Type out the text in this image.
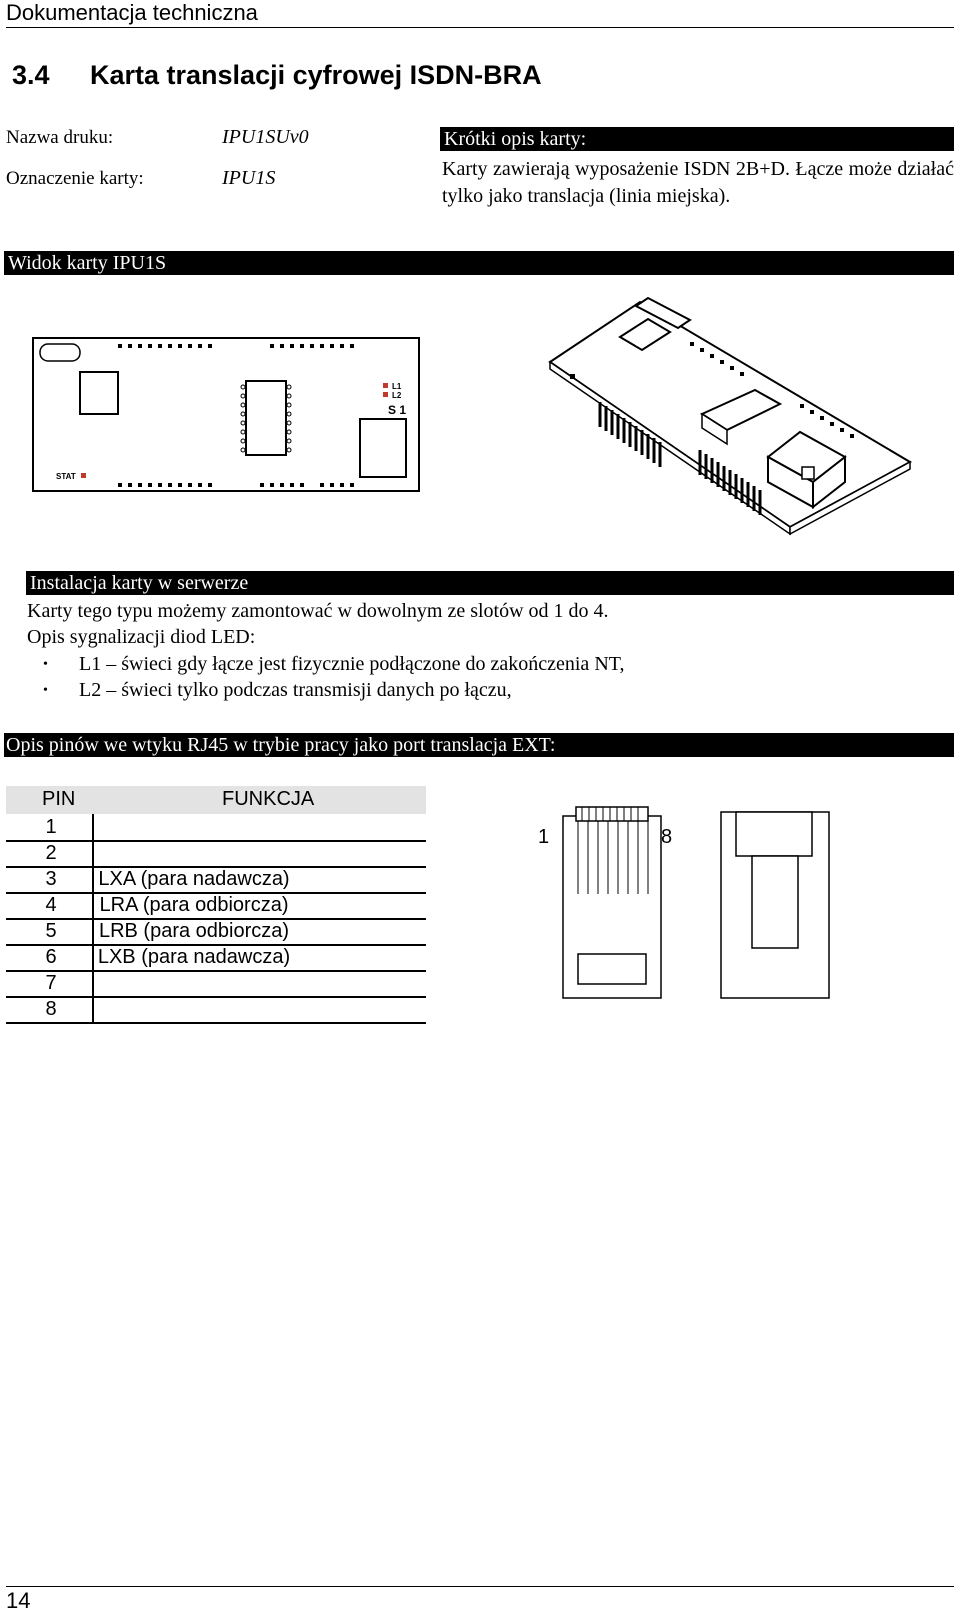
Dokumentacja techniczna
3.4 Karta translacji cyfrowej ISDN-BRA
Nazwa druku:	IPU1SUv0
Oznaczenie karty:	IPU1S
Krótki opis karty:
Karty zawierają wyposażenie ISDN 2B+D. Łącze może działać tylko jako translacja (linia miejska).
Widok karty IPU1S
L1
L2
S 1
STAT
Instalacja karty w serwerze
Karty tego typu możemy zamontować w dowolnym ze slotów od 1 do 4.
Opis sygnalizacji diod LED:
• L1 – świeci gdy łącze jest fizycznie podłączone do zakończenia NT,
• L2 – świeci tylko podczas transmisji danych po łączu,
Opis pinów we wtyku RJ45 w trybie pracy jako port translacja EXT:
PIN	FUNKCJA
1
2
3	LXA (para nadawcza)
4	LRA (para odbiorcza)
5	LRB (para odbiorcza)
6	LXB (para nadawcza)
7
8
1	8
14
